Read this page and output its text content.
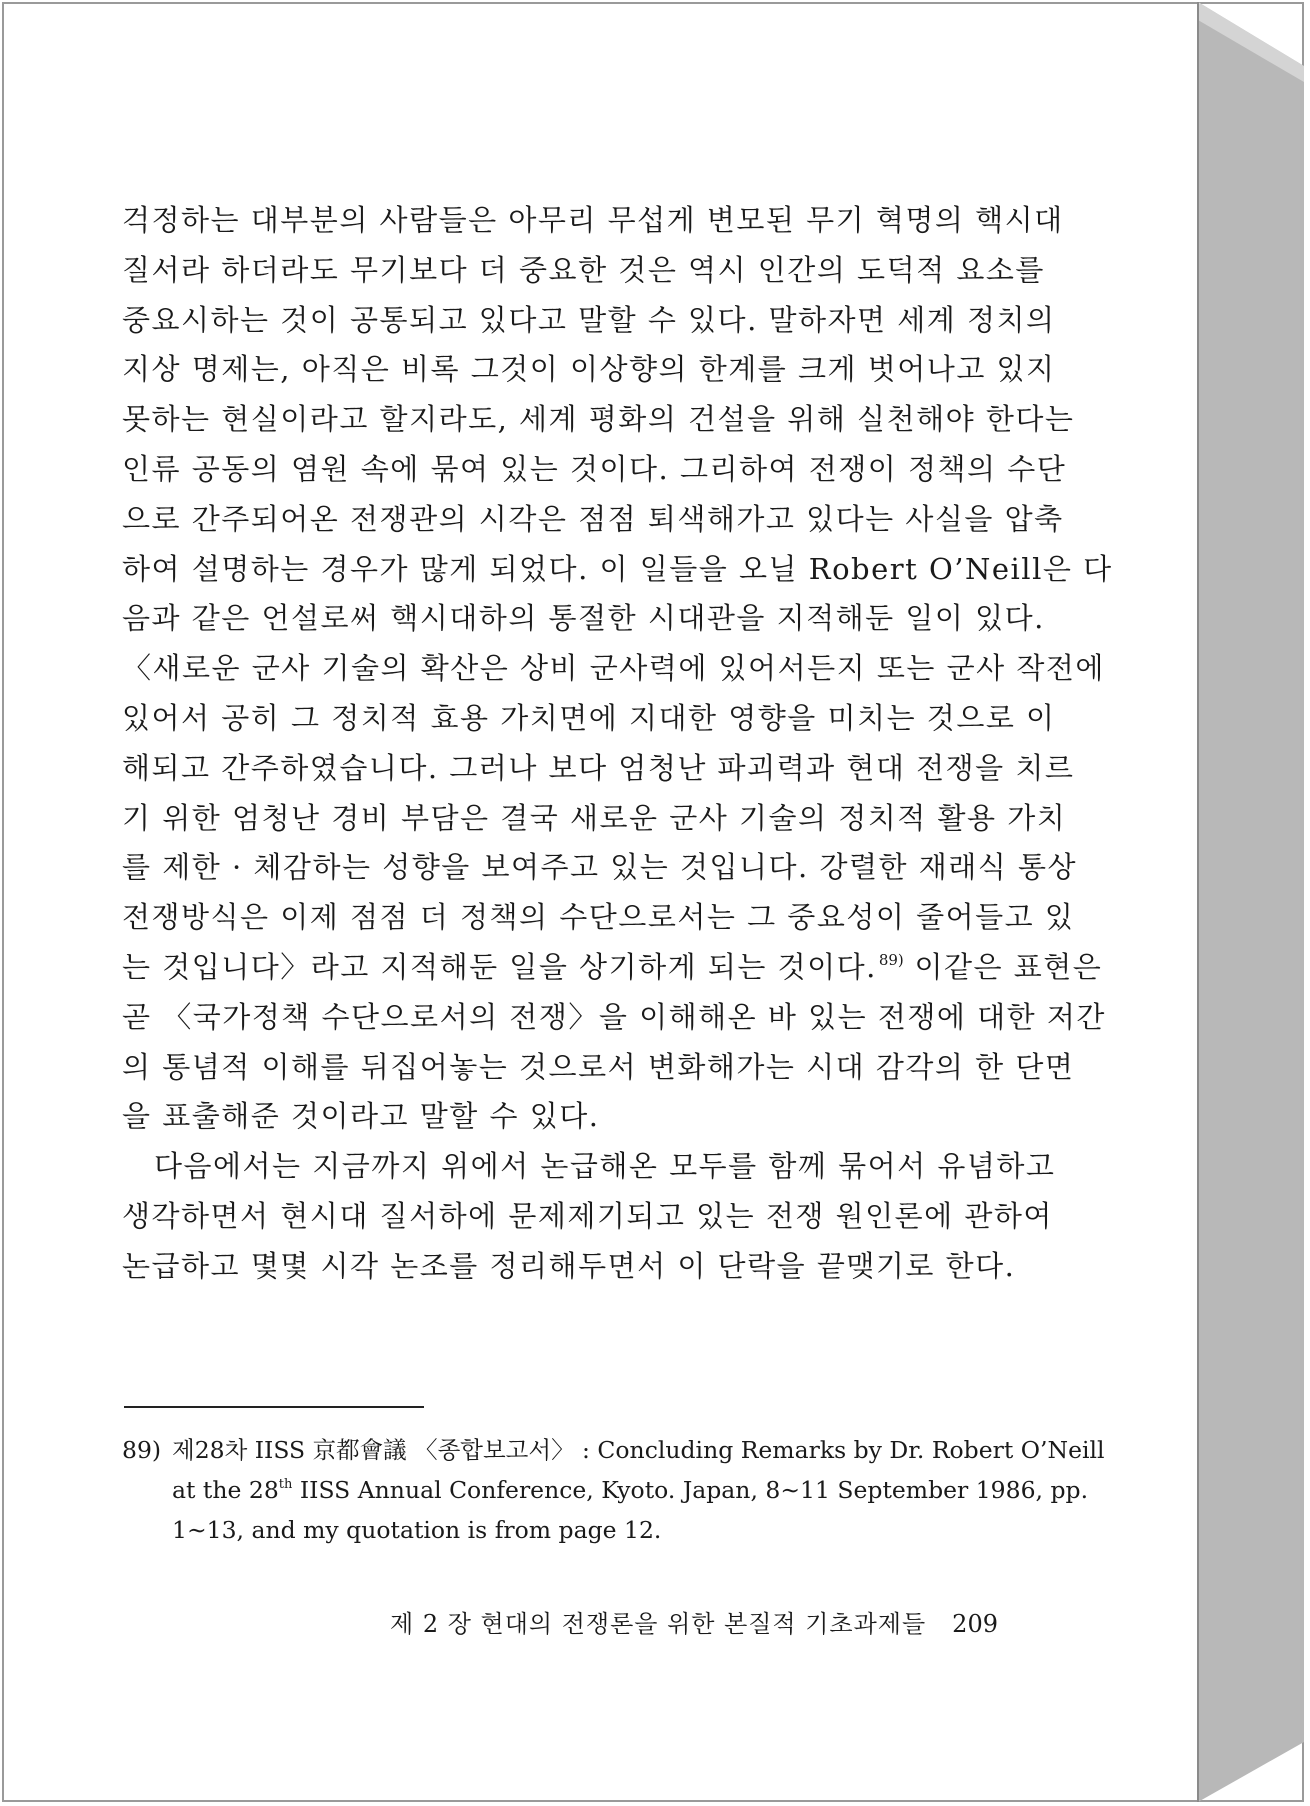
걱정하는 대부분의 사람들은 아무리 무섭게 변모된 무기 혁명의 핵시대
질서라 하더라도 무기보다 더 중요한 것은 역시 인간의 도덕적 요소를
중요시하는 것이 공통되고 있다고 말할 수 있다. 말하자면 세계 정치의
지상 명제는, 아직은 비록 그것이 이상향의 한계를 크게 벗어나고 있지
못하는 현실이라고 할지라도, 세계 평화의 건설을 위해 실천해야 한다는
인류 공동의 염원 속에 묶여 있는 것이다. 그리하여 전쟁이 정책의 수단
으로 간주되어온 전쟁관의 시각은 점점 퇴색해가고 있다는 사실을 압축
하여 설명하는 경우가 많게 되었다. 이 일들을 오닐 Robert O’Neill은 다
음과 같은 언설로써 핵시대하의 통절한 시대관을 지적해둔 일이 있다.
〈새로운 군사 기술의 확산은 상비 군사력에 있어서든지 또는 군사 작전에
있어서 공히 그 정치적 효용 가치면에 지대한 영향을 미치는 것으로 이
해되고 간주하였습니다. 그러나 보다 엄청난 파괴력과 현대 전쟁을 치르
기 위한 엄청난 경비 부담은 결국 새로운 군사 기술의 정치적 활용 가치
를 제한 · 체감하는 성향을 보여주고 있는 것입니다. 강렬한 재래식 통상
전쟁방식은 이제 점점 더 정책의 수단으로서는 그 중요성이 줄어들고 있
는 것입니다〉라고 지적해둔 일을 상기하게 되는 것이다. $^{89)}$ 이같은 표현은
곧 〈국가정책 수단으로서의 전쟁〉을 이해해온 바 있는 전쟁에 대한 저간
의 통념적 이해를 뒤집어놓는 것으로서 변화해가는 시대 감각의 한 단면
을 표출해준 것이라고 말할 수 있다.
다음에서는 지금까지 위에서 논급해온 모두를 함께 묶어서 유념하고
생각하면서 현시대 질서하에 문제제기되고 있는 전쟁 원인론에 관하여
논급하고 몇몇 시각 논조를 정리해두면서 이 단락을 끝맺기로 한다.
89) 제28차 IISS 京都會議 〈종합보고서〉 : Concluding Remarks by Dr. Robert O’Neill
at the 28th IISS Annual Conference, Kyoto. Japan, 8∼11 September 1986, pp.
1∼13, and my quotation is from page 12.
제 2 장 현대의 전쟁론을 위한 본질적 기초과제들 209
